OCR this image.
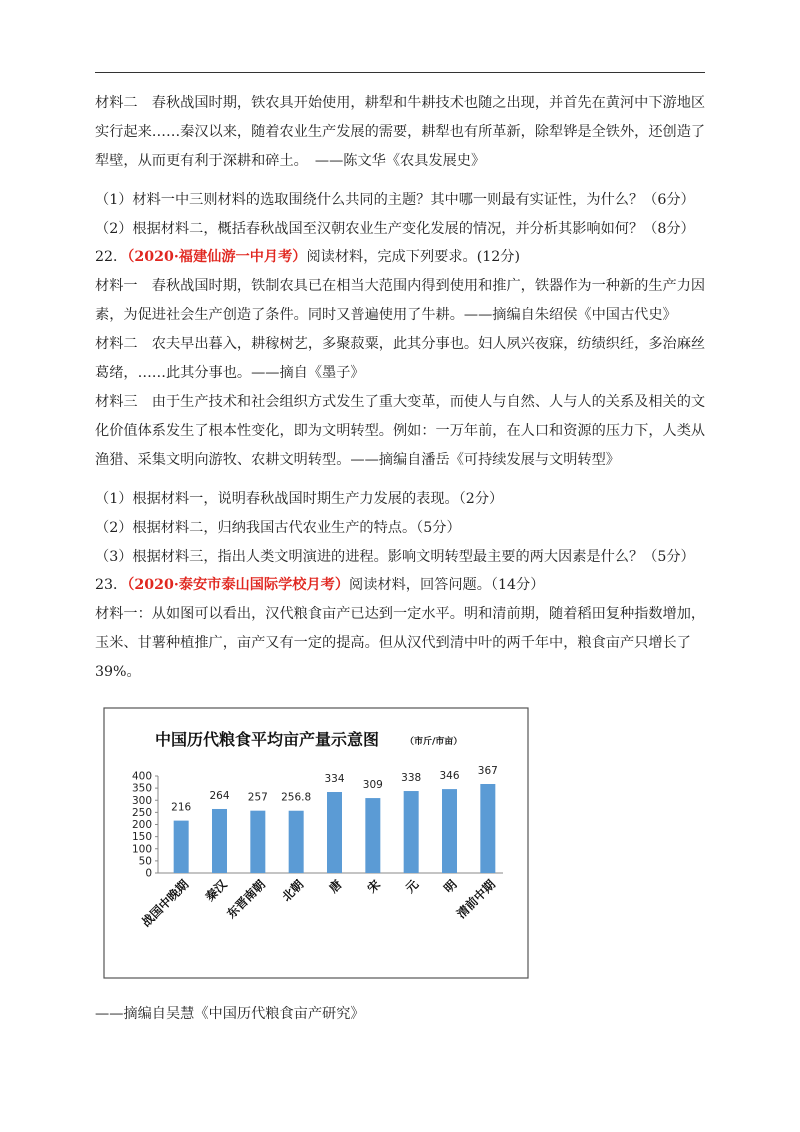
材料二　春秋战国时期，铁农具开始使用，耕犁和牛耕技术也随之出现，并首先在黄河中下游地区
实行起来……秦汉以来，随着农业生产发展的需要，耕犁也有所革新，除犁铧是全铁外，还创造了
犁壁，从而更有利于深耕和碎土。　——陈文华《农具发展史》
（1）材料一中三则材料的选取围绕什么共同的主题？其中哪一则最有实证性，为什么？（6分）
（2）根据材料二，概括春秋战国至汉朝农业生产变化发展的情况，并分析其影响如何？（8分）
22．（2020·福建仙游一中月考）阅读材料，完成下列要求。(12分)
材料一　春秋战国时期，铁制农具已在相当大范围内得到使用和推广，铁器作为一种新的生产力因
素，为促进社会生产创造了条件。同时又普遍使用了牛耕。——摘编自朱绍侯《中国古代史》
材料二　农夫早出暮入，耕稼树艺，多聚菽粟，此其分事也。妇人夙兴夜寐，纺绩织纴，多治麻丝
葛绪，……此其分事也。——摘自《墨子》
材料三　由于生产技术和社会组织方式发生了重大变革，而使人与自然、人与人的关系及相关的文
化价值体系发生了根本性变化，即为文明转型。例如：一万年前，在人口和资源的压力下，人类从
渔猎、采集文明向游牧、农耕文明转型。——摘编自潘岳《可持续发展与文明转型》
（1）根据材料一，说明春秋战国时期生产力发展的表现。（2分）
（2）根据材料二，归纳我国古代农业生产的特点。（5分）
（3）根据材料三，指出人类文明演进的进程。影响文明转型最主要的两大因素是什么？（5分）
23．（2020·泰安市泰山国际学校月考）阅读材料，回答问题。（14分）
材料一：从如图可以看出，汉代粮食亩产已达到一定水平。明和清前期，随着稻田复种指数增加，
玉米、甘薯种植推广，亩产又有一定的提高。但从汉代到清中叶的两千年中，粮食亩产只增长了
39%。
中国历代粮食平均亩产量示意图	（市斤/市亩）
0
50
100
150
200
250
300
350
400
216
战国中晚期
264
秦汉
257
东晋南朝
256.8
北朝
334
唐
309
宋
338
元
346
明
367
清前中期
——摘编自吴慧《中国历代粮食亩产研究》
